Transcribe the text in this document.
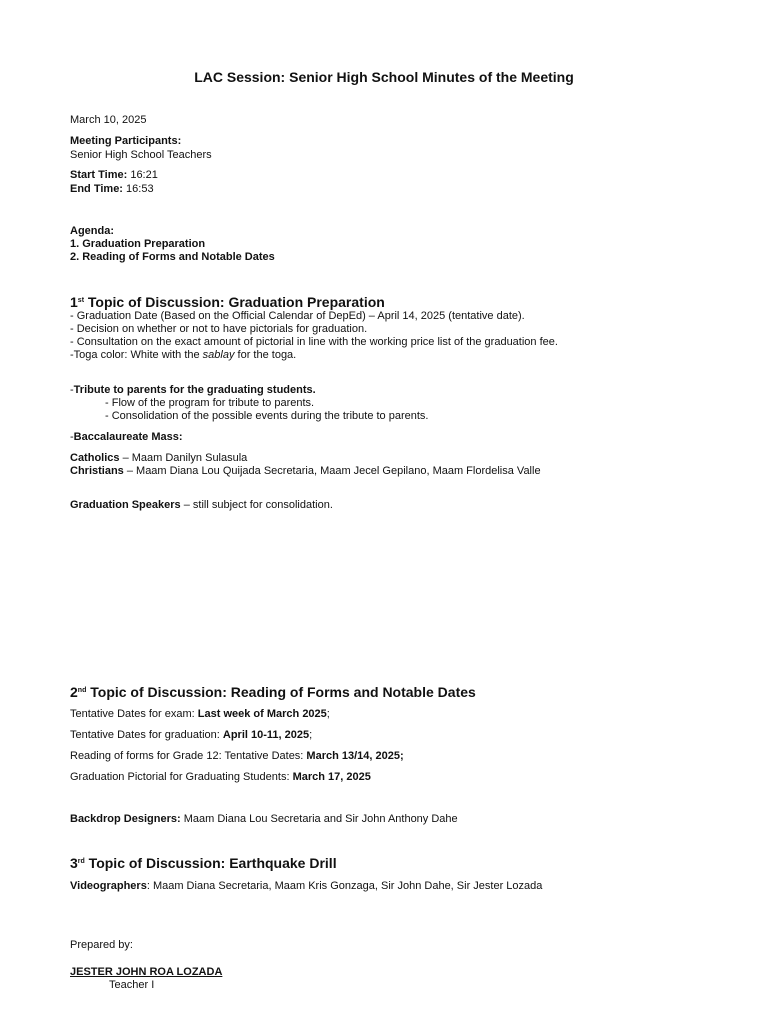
LAC Session: Senior High School Minutes of the Meeting
March 10, 2025
Meeting Participants:
Senior High School Teachers
Start Time: 16:21
End Time: 16:53
Agenda:
1. Graduation Preparation
2. Reading of Forms and Notable Dates
1st Topic of Discussion: Graduation Preparation
- Graduation Date (Based on the Official Calendar of DepEd) – April 14, 2025 (tentative date).
- Decision on whether or not to have pictorials for graduation.
- Consultation on the exact amount of pictorial in line with the working price list of the graduation fee.
-Toga color: White with the sablay for the toga.
-Tribute to parents for the graduating students.
- Flow of the program for tribute to parents.
- Consolidation of the possible events during the tribute to parents.
-Baccalaureate Mass:
Catholics – Maam Danilyn Sulasula
Christians – Maam Diana Lou Quijada Secretaria, Maam Jecel Gepilano, Maam Flordelisa Valle
Graduation Speakers – still subject for consolidation.
2nd Topic of Discussion: Reading of Forms and Notable Dates
Tentative Dates for exam: Last week of March 2025;
Tentative Dates for graduation: April 10-11, 2025;
Reading of forms for Grade 12: Tentative Dates: March 13/14, 2025;
Graduation Pictorial for Graduating Students: March 17, 2025
Backdrop Designers: Maam Diana Lou Secretaria and Sir John Anthony Dahe
3rd Topic of Discussion: Earthquake Drill
Videographers: Maam Diana Secretaria, Maam Kris Gonzaga, Sir John Dahe, Sir Jester Lozada
Prepared by:
JESTER JOHN ROA LOZADA
Teacher I
